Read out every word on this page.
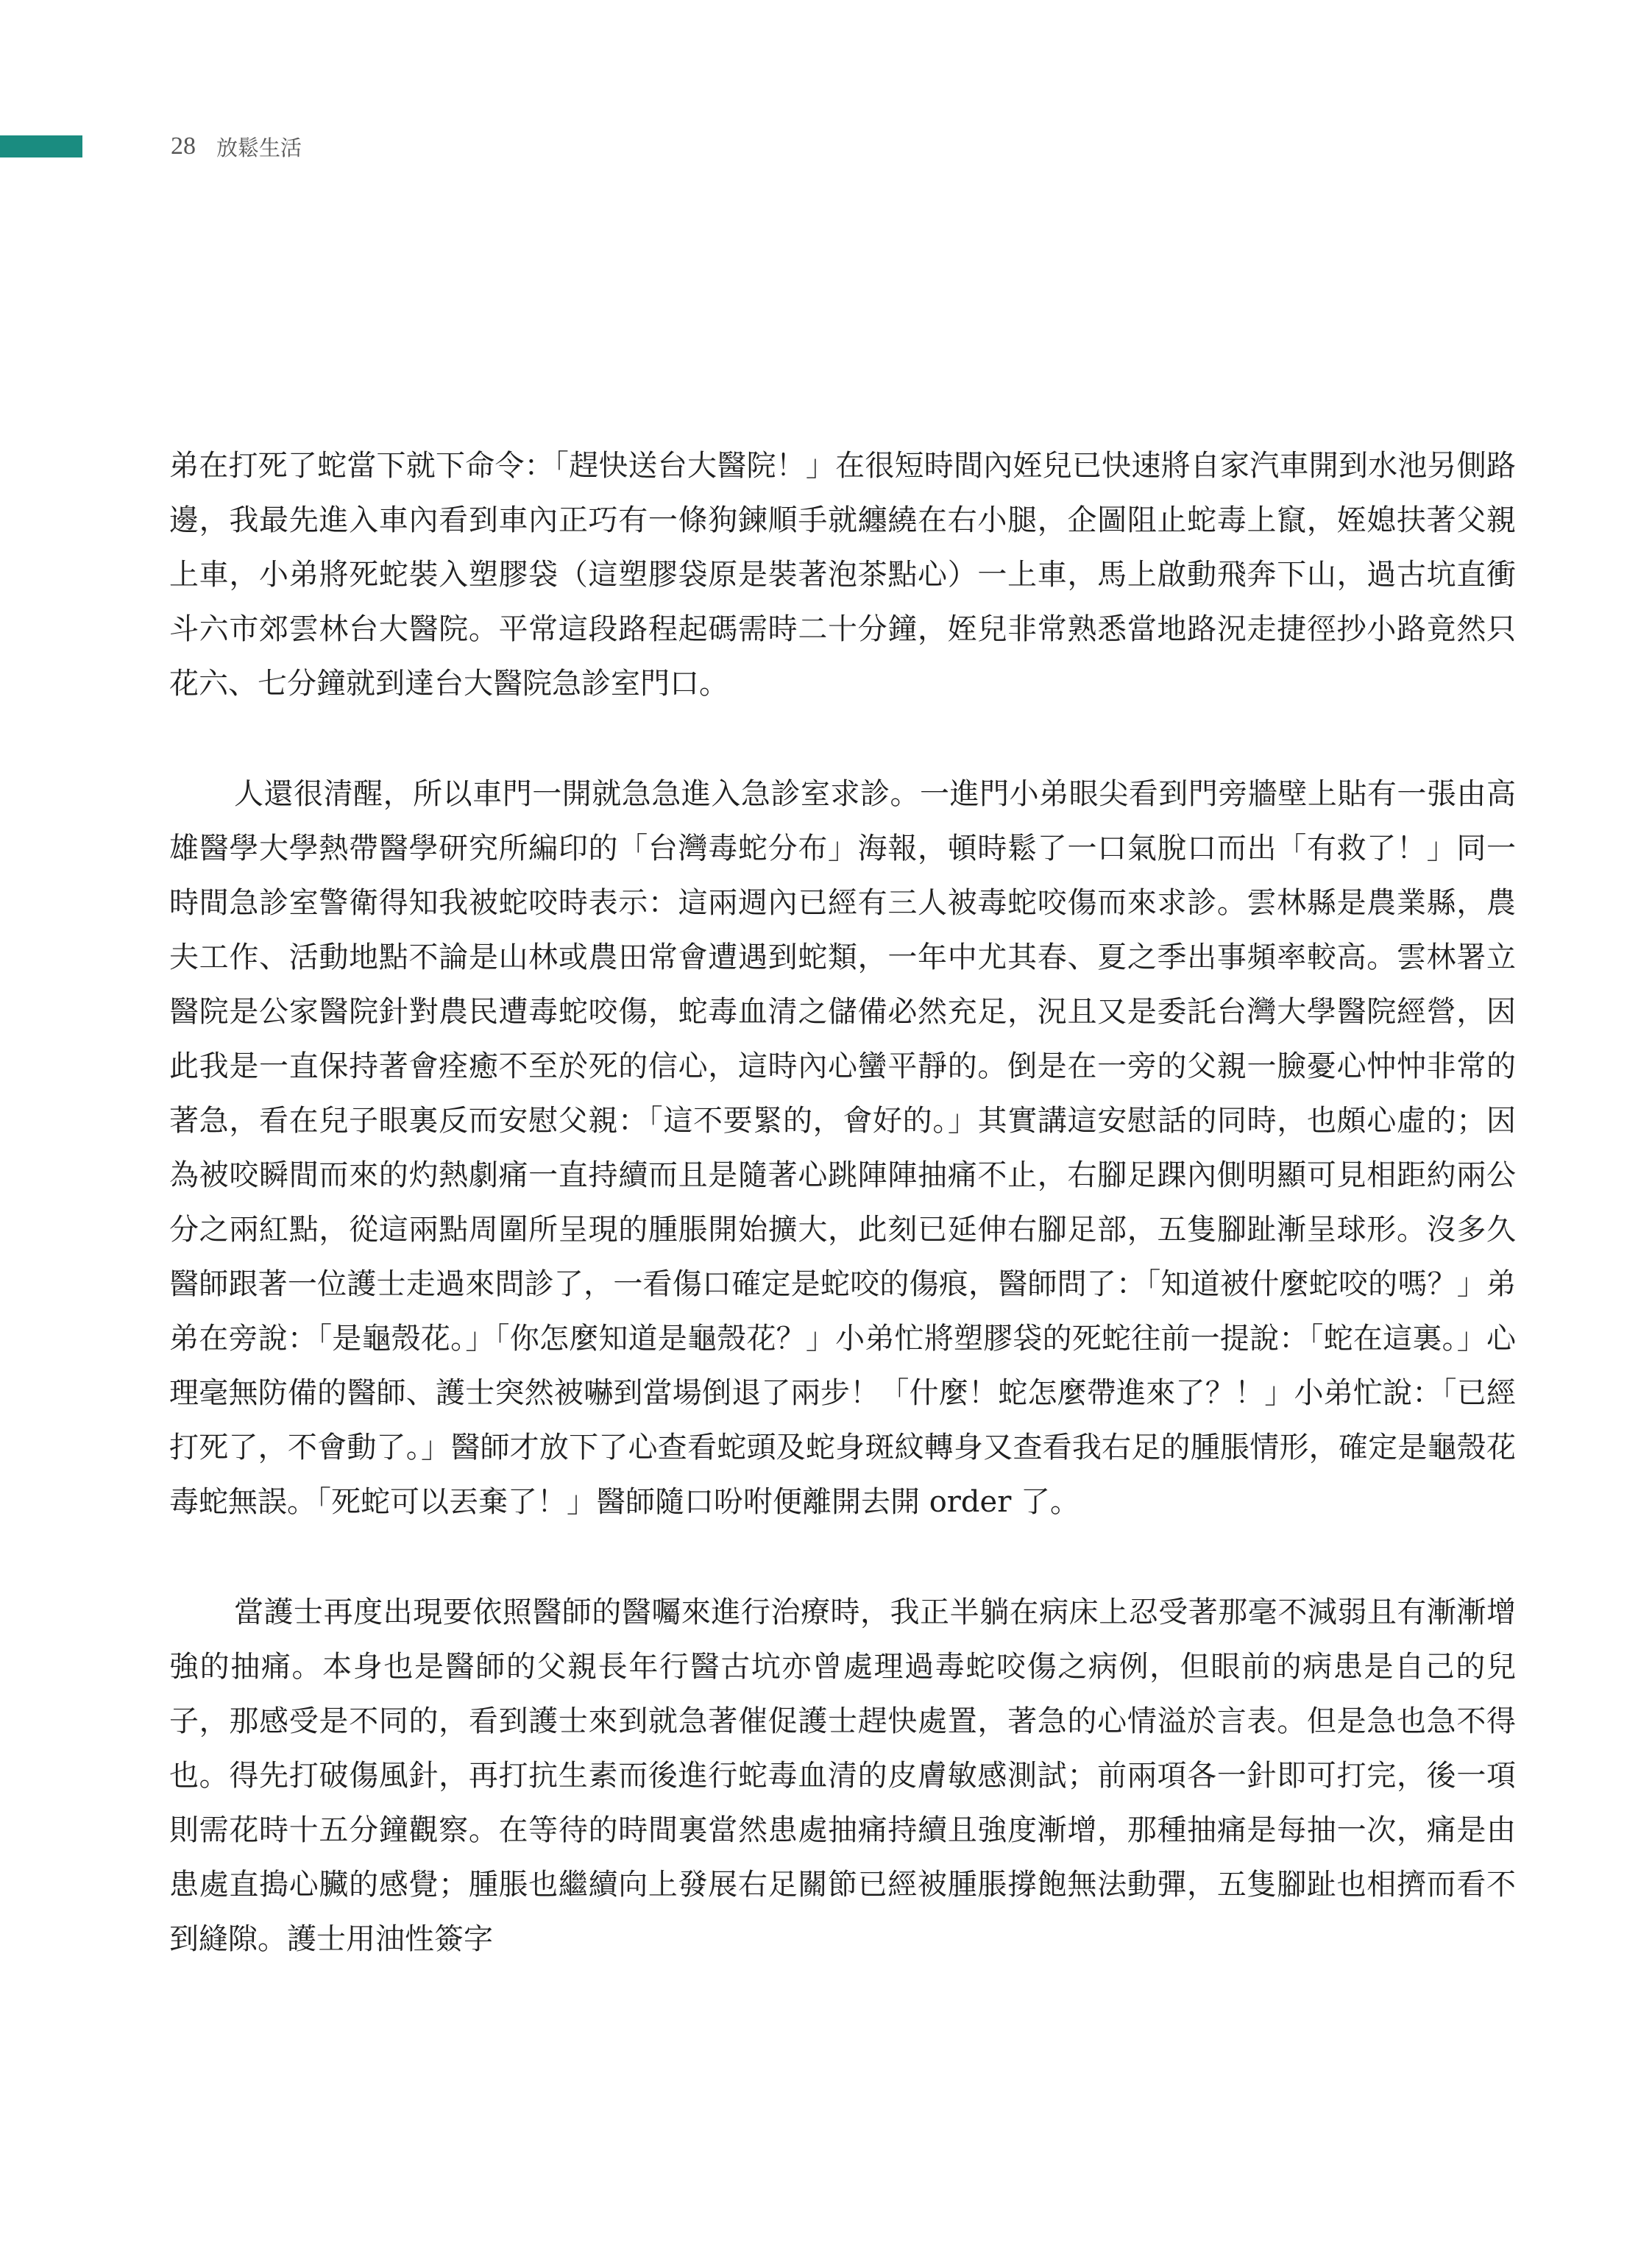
28 放鬆生活

弟在打死了蛇當下就下命令：「趕快送台大醫院！」在很短時間內姪兒已快速將自家汽車開到水池另側路邊，我最先進入車內看到車內正巧有一條狗鍊順手就纏繞在右小腿，企圖阻止蛇毒上竄，姪媳扶著父親上車，小弟將死蛇裝入塑膠袋（這塑膠袋原是裝著泡茶點心）一上車，馬上啟動飛奔下山，過古坑直衝斗六市郊雲林台大醫院。平常這段路程起碼需時二十分鐘，姪兒非常熟悉當地路況走捷徑抄小路竟然只花六、七分鐘就到達台大醫院急診室門口。

人還很清醒，所以車門一開就急急進入急診室求診。一進門小弟眼尖看到門旁牆壁上貼有一張由高雄醫學大學熱帶醫學研究所編印的「台灣毒蛇分布」海報，頓時鬆了一口氣脫口而出「有救了！」同一時間急診室警衛得知我被蛇咬時表示：這兩週內已經有三人被毒蛇咬傷而來求診。雲林縣是農業縣，農夫工作、活動地點不論是山林或農田常會遭遇到蛇類，一年中尤其春、夏之季出事頻率較高。雲林署立醫院是公家醫院針對農民遭毒蛇咬傷，蛇毒血清之儲備必然充足，況且又是委託台灣大學醫院經營，因此我是一直保持著會痊癒不至於死的信心，這時內心蠻平靜的。倒是在一旁的父親一臉憂心忡忡非常的著急，看在兒子眼裏反而安慰父親：「這不要緊的，會好的。」其實講這安慰話的同時，也頗心虛的；因為被咬瞬間而來的灼熱劇痛一直持續而且是隨著心跳陣陣抽痛不止，右腳足踝內側明顯可見相距約兩公分之兩紅點，從這兩點周圍所呈現的腫脹開始擴大，此刻已延伸右腳足部，五隻腳趾漸呈球形。沒多久醫師跟著一位護士走過來問診了，一看傷口確定是蛇咬的傷痕，醫師問了：「知道被什麼蛇咬的嗎？」弟弟在旁說：「是龜殼花。」「你怎麼知道是龜殼花？」小弟忙將塑膠袋的死蛇往前一提說：「蛇在這裏。」心理毫無防備的醫師、護士突然被嚇到當場倒退了兩步！「什麼！蛇怎麼帶進來了？！」小弟忙說：「已經打死了，不會動了。」醫師才放下了心查看蛇頭及蛇身斑紋轉身又查看我右足的腫脹情形，確定是龜殼花毒蛇無誤。「死蛇可以丟棄了！」醫師隨口吩咐便離開去開 order 了。

當護士再度出現要依照醫師的醫囑來進行治療時，我正半躺在病床上忍受著那毫不減弱且有漸漸增強的抽痛。本身也是醫師的父親長年行醫古坑亦曾處理過毒蛇咬傷之病例，但眼前的病患是自己的兒子，那感受是不同的，看到護士來到就急著催促護士趕快處置，著急的心情溢於言表。但是急也急不得也。得先打破傷風針，再打抗生素而後進行蛇毒血清的皮膚敏感測試；前兩項各一針即可打完，後一項則需花時十五分鐘觀察。在等待的時間裏當然患處抽痛持續且強度漸增，那種抽痛是每抽一次，痛是由患處直搗心臟的感覺；腫脹也繼續向上發展右足關節已經被腫脹撐飽無法動彈，五隻腳趾也相擠而看不到縫隙。護士用油性簽字
